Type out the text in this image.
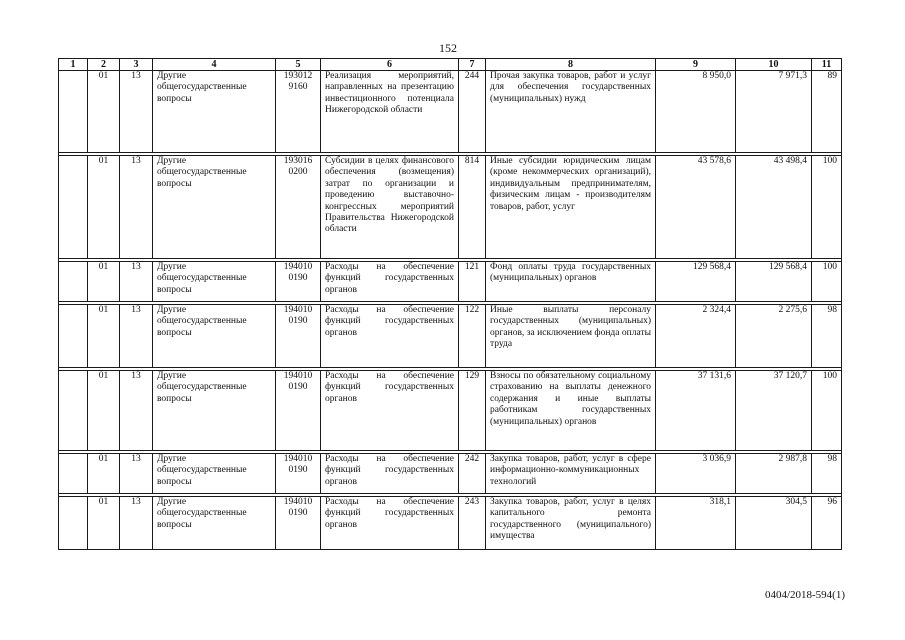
152
1	2	3	4	5	6	7	8	9	10	11
	01	13	Другие общегосударственные вопросы	193012 9160	Реализация мероприятий, направленных на презентацию инвестиционного потенциала Нижегородской области	244	Прочая закупка товаров, работ и услуг для обеспечения государственных (муниципальных) нужд	8 950,0	7 971,3	89

	01	13	Другие общегосударственные вопросы	193016 0200	Субсидии в целях финансового обеспечения (возмещения) затрат по организации и проведению выставочно-конгрессных мероприятий Правительства Нижегородской области	814	Иные субсидии юридическим лицам (кроме некоммерческих организаций), индивидуальным предпринимателям, физическим лицам - производителям товаров, работ, услуг	43 578,6	43 498,4	100

	01	13	Другие общегосударственные вопросы	194010 0190	Расходы на обеспечение функций государственных органов	121	Фонд оплаты труда государственных (муниципальных) органов	129 568,4	129 568,4	100

	01	13	Другие общегосударственные вопросы	194010 0190	Расходы на обеспечение функций государственных органов	122	Иные выплаты персоналу государственных (муниципальных) органов, за исключением фонда оплаты труда	2 324,4	2 275,6	98

	01	13	Другие общегосударственные вопросы	194010 0190	Расходы на обеспечение функций государственных органов	129	Взносы по обязательному социальному страхованию на выплаты денежного содержания и иные выплаты работникам государственных (муниципальных) органов	37 131,6	37 120,7	100

	01	13	Другие общегосударственные вопросы	194010 0190	Расходы на обеспечение функций государственных органов	242	Закупка товаров, работ, услуг в сфере информационно-коммуникационных технологий	3 036,9	2 987,8	98

	01	13	Другие общегосударственные вопросы	194010 0190	Расходы на обеспечение функций государственных органов	243	Закупка товаров, работ, услуг в целях капитального ремонта государственного (муниципального) имущества	318,1	304,5	96
0404/2018-594(1)
